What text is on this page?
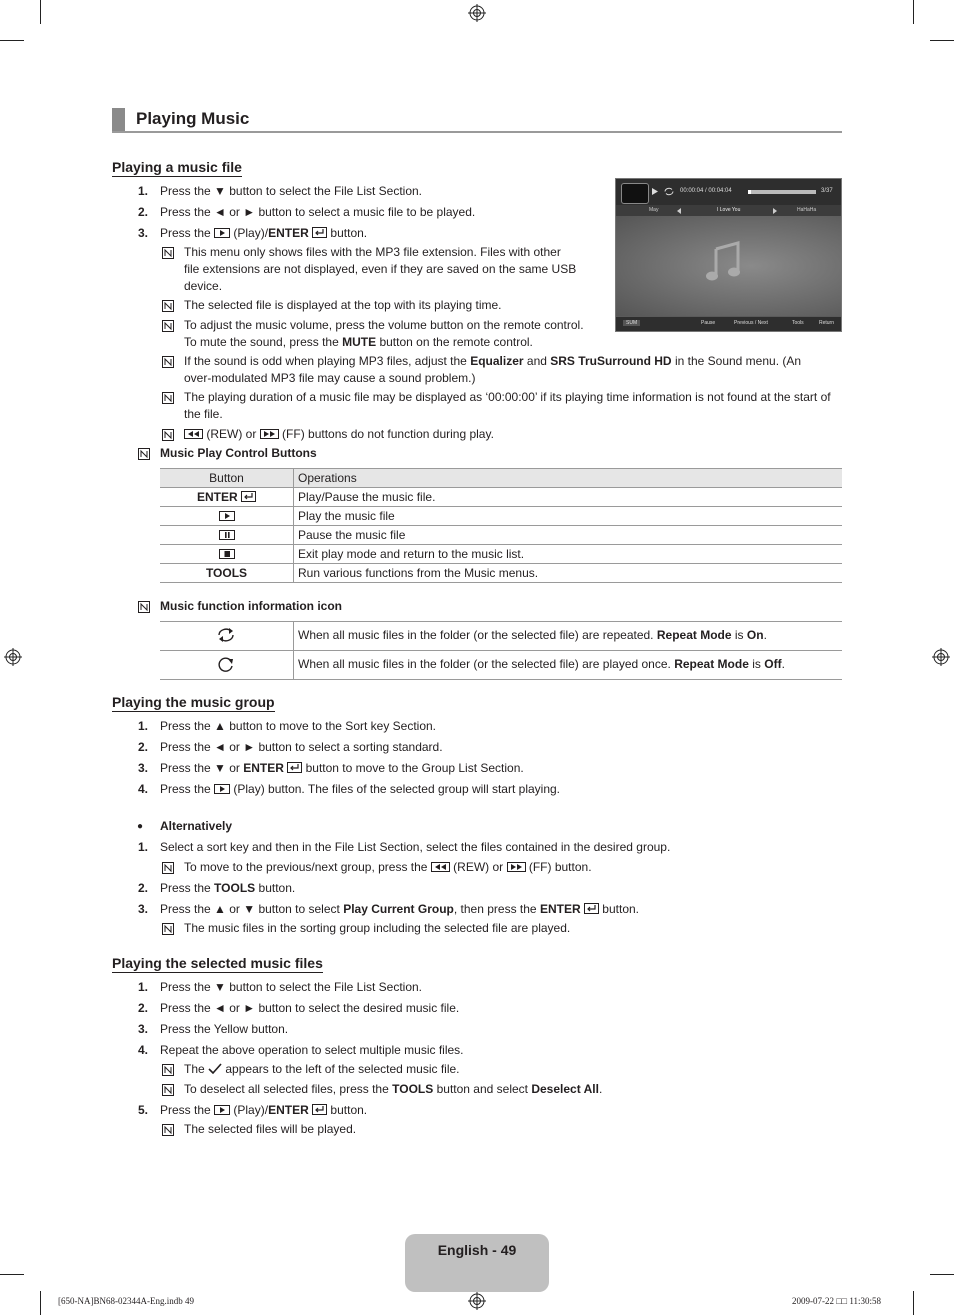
Playing Music
Playing a music file
1. Press the ▼ button to select the File List Section.
2. Press the ◄ or ► button to select a music file to be played.
3. Press the (Play)/ENTER button.
This menu only shows files with the MP3 file extension. Files with other
file extensions are not displayed, even if they are saved on the same USB
device.
The selected file is displayed at the top with its playing time.
To adjust the music volume, press the volume button on the remote control.
To mute the sound, press the MUTE button on the remote control.
If the sound is odd when playing MP3 files, adjust the Equalizer and SRS TruSurround HD in the Sound menu. (An
over-modulated MP3 file may cause a sound problem.)
The playing duration of a music file may be displayed as ‘00:00:00’ if its playing time information is not found at the start of
the file.
(REW) or (FF) buttons do not function during play.
Music Play Control Buttons
Button	Operations
ENTER	Play/Pause the music file.

	Play the music file

	Pause the music file

	Exit play mode and return to the music list.
TOOLS	Run various functions from the Music menus.
Music function information icon
When all music files in the folder (or the selected file) are repeated. Repeat Mode is On.
When all music files in the folder (or the selected file) are played once. Repeat Mode is Off.
Playing the music group
1. Press the ▲ button to move to the Sort key Section.
2. Press the ◄ or ► button to select a sorting standard.
3. Press the ▼ or ENTER button to move to the Group List Section.
4. Press the (Play) button. The files of the selected group will start playing.
● Alternatively
1. Select a sort key and then in the File List Section, select the files contained in the desired group.
To move to the previous/next group, press the (REW) or (FF) button.
2. Press the TOOLS button.
3. Press the ▲ or ▼ button to select Play Current Group, then press the ENTER button.
The music files in the sorting group including the selected file are played.
Playing the selected music files
1. Press the ▼ button to select the File List Section.
2. Press the ◄ or ► button to select the desired music file.
3. Press the Yellow button.
4. Repeat the above operation to select multiple music files.
The appears to the left of the selected music file.
To deselect all selected files, press the TOOLS button and select Deselect All.
5. Press the (Play)/ENTER button.
The selected files will be played.
00:00:04 / 00:04:04	3/37
May	I Love You	HaHaHa
SUM	Pause	Previous / Next	Tools	Return
English - 49
[650-NA]BN68-02344A-Eng.indb 49	2009-07-22 □□ 11:30:58
